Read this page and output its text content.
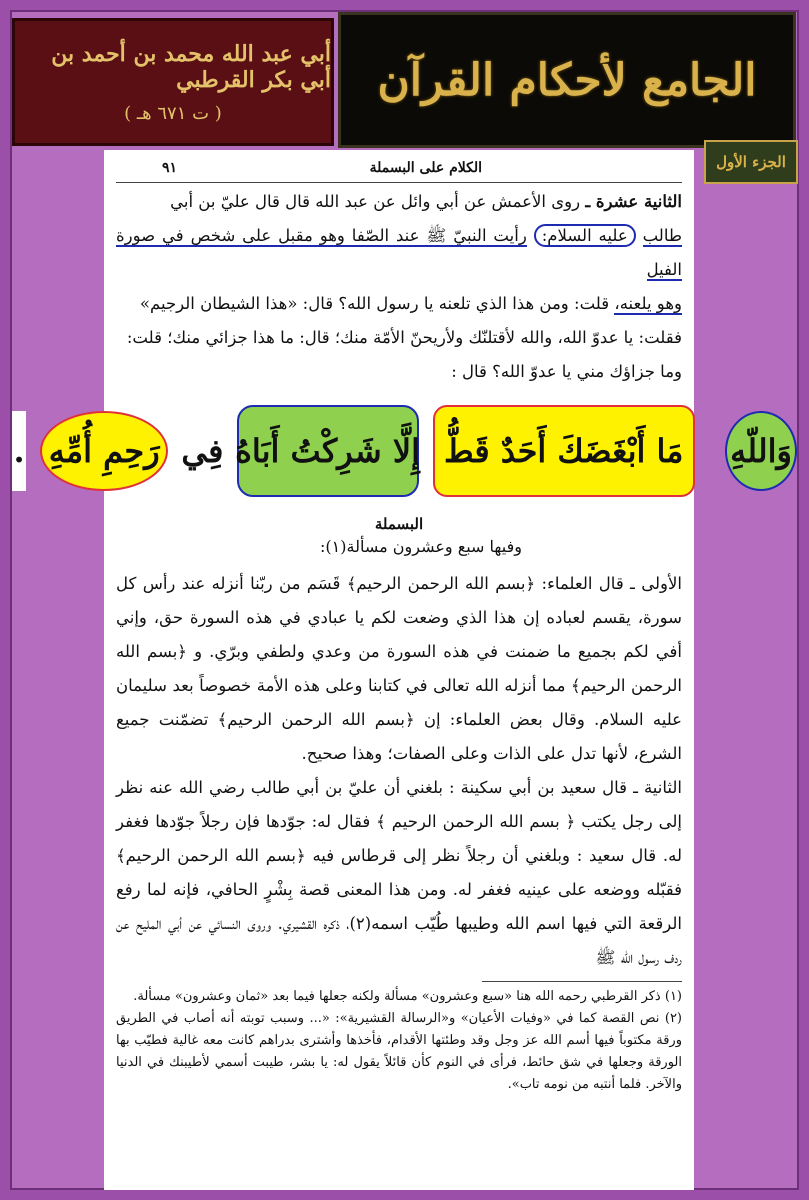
أبي عبد الله محمد بن أحمد بن أبي بكر القرطبي
( ت ٦٧١ هـ )
الجامع لأحكام القرآن
الجزء الأول
الكلام على البسملة
٩١

الثانية عشرة ـ روى الأعمش عن أبي وائل عن عبد الله قال قال عليّ بن أبي
طالب عليه السلام: رأيت النبيّ ﷺ عند الصّفا وهو مقبل على شخص في صورة الفيل
وهو يلعنه، قلت: ومن هذا الذي تلعنه يا رسول الله؟ قال: «هذا الشيطان الرجيم»
فقلت: يا عدوّ الله، والله لأقتلنّك ولأريحنّ الأمّة منك؛ قال: ما هذا جزائي منك؛ قلت:
وما جزاؤك مني يا عدوّ الله؟ قال :

البسملة
وفيها سبع وعشرون مسألة(١):

الأولى ـ قال العلماء: ﴿بسم الله الرحمن الرحيم﴾ قَسَم من ربّنا أنزله عند رأس كل سورة، يقسم لعباده إن هذا الذي وضعت لكم يا عبادي في هذه السورة حق، وإني أفي لكم بجميع ما ضمنت في هذه السورة من وعدي ولطفي وبرّي. و ﴿بسم الله الرحمن الرحيم﴾ مما أنزله الله تعالى في كتابنا وعلى هذه الأمة خصوصاً بعد سليمان عليه السلام. وقال بعض العلماء: إن ﴿بسم الله الرحمن الرحيم﴾ تضمّنت جميع الشرع، لأنها تدل على الذات وعلى الصفات؛ وهذا صحيح.

الثانية ـ قال سعيد بن أبي سكينة : بلغني أن عليّ بن أبي طالب رضي الله عنه نظر إلى رجل يكتب ﴿ بسم الله الرحمن الرحيم ﴾ فقال له: جوّدها فإن رجلاً جوّدها فغفر له. قال سعيد : وبلغني أن رجلاً نظر إلى قرطاس فيه ﴿بسم الله الرحمن الرحيم﴾ فقبّله ووضعه على عينيه فغفر له. ومن هذا المعنى قصة بِشْرٍ الحافي، فإنه لما رفع الرقعة التي فيها اسم الله وطيبها طُيّب اسمه(٢)، ذكره القشيري. وروى النسائي عن أبي المليح عن ردف رسول الله ﷺ

(١) ذكر القرطبي رحمه الله هنا «سبع وعشرون» مسألة ولكنه جعلها فيما بعد «ثمان وعشرون» مسألة.

(٢) نص القصة كما في «وفيات الأعيان» و«الرسالة القشيرية»: «... وسبب توبته أنه أصاب في الطريق ورقة مكتوباً فيها أسم الله عز وجل وقد وطئتها الأقدام، فأخذها وأشترى بدراهم كانت معه غالية فطيّب بها الورقة وجعلها في شق حائط، فرأى في النوم كأن قائلاً يقول له: يا بشر، طيبت أسمي لأطيبنك في الدنيا والآخر. فلما أنتبه من نومه تاب».

وَاللّهِ
مَا أَبْغَضَكَ أَحَدٌ قَطُّ
إِلَّا شَرِكْتُ أَبَاهُ
فِي
رَحِمِ أُمِّهِ
.
